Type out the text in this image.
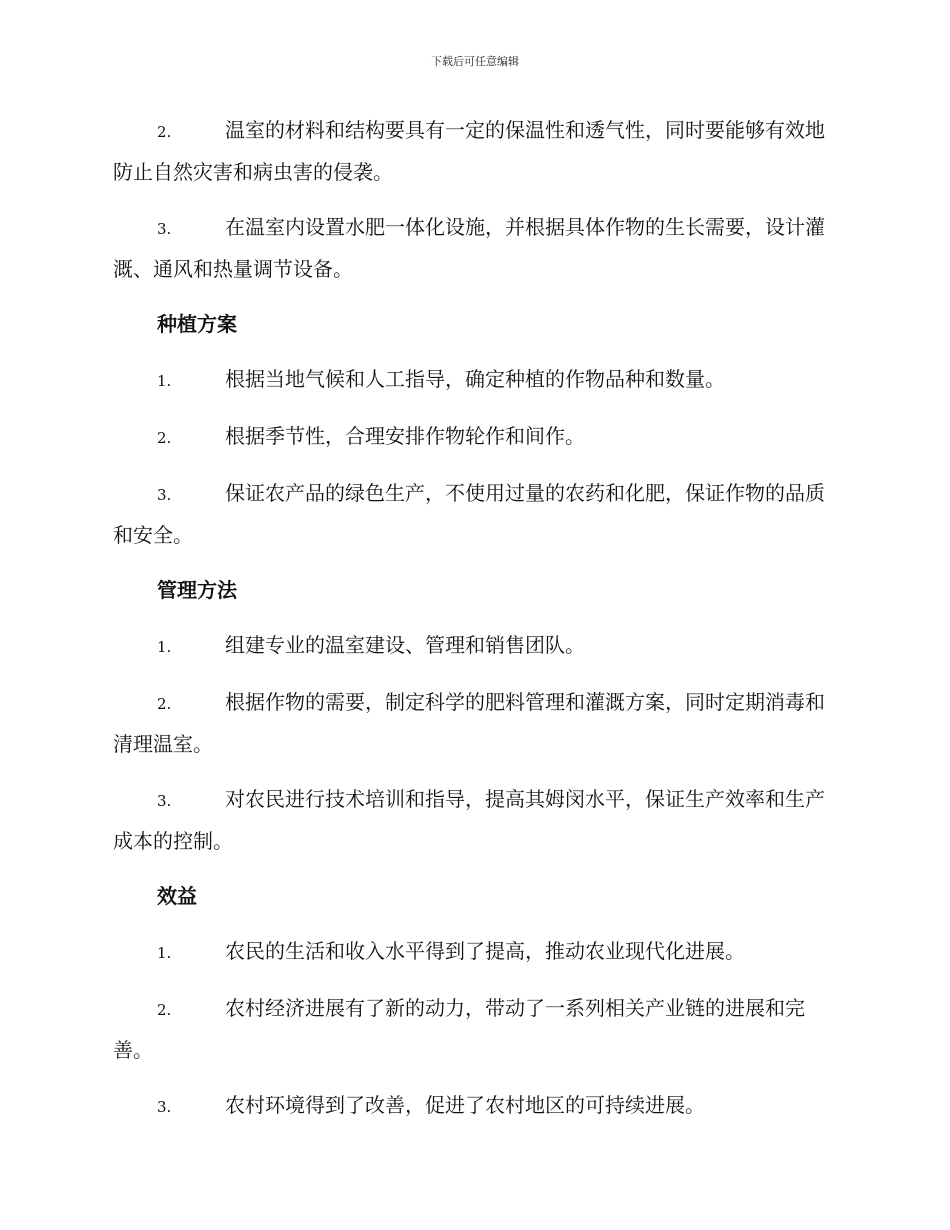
下载后可任意编辑

2.	温室的材料和结构要具有一定的保温性和透气性，同时要能够有效地防止自然灾害和病虫害的侵袭。

3.	在温室内设置水肥一体化设施，并根据具体作物的生长需要，设计灌溉、通风和热量调节设备。

种植方案

1.	根据当地气候和人工指导，确定种植的作物品种和数量。

2.	根据季节性，合理安排作物轮作和间作。

3.	保证农产品的绿色生产，不使用过量的农药和化肥，保证作物的品质和安全。

管理方法

1.	组建专业的温室建设、管理和销售团队。

2.	根据作物的需要，制定科学的肥料管理和灌溉方案，同时定期消毒和清理温室。

3.	对农民进行技术培训和指导，提高其姆闵水平，保证生产效率和生产成本的控制。

效益

1.	农民的生活和收入水平得到了提高，推动农业现代化进展。

2.	农村经济进展有了新的动力，带动了一系列相关产业链的进展和完善。

3.	农村环境得到了改善，促进了农村地区的可持续进展。
